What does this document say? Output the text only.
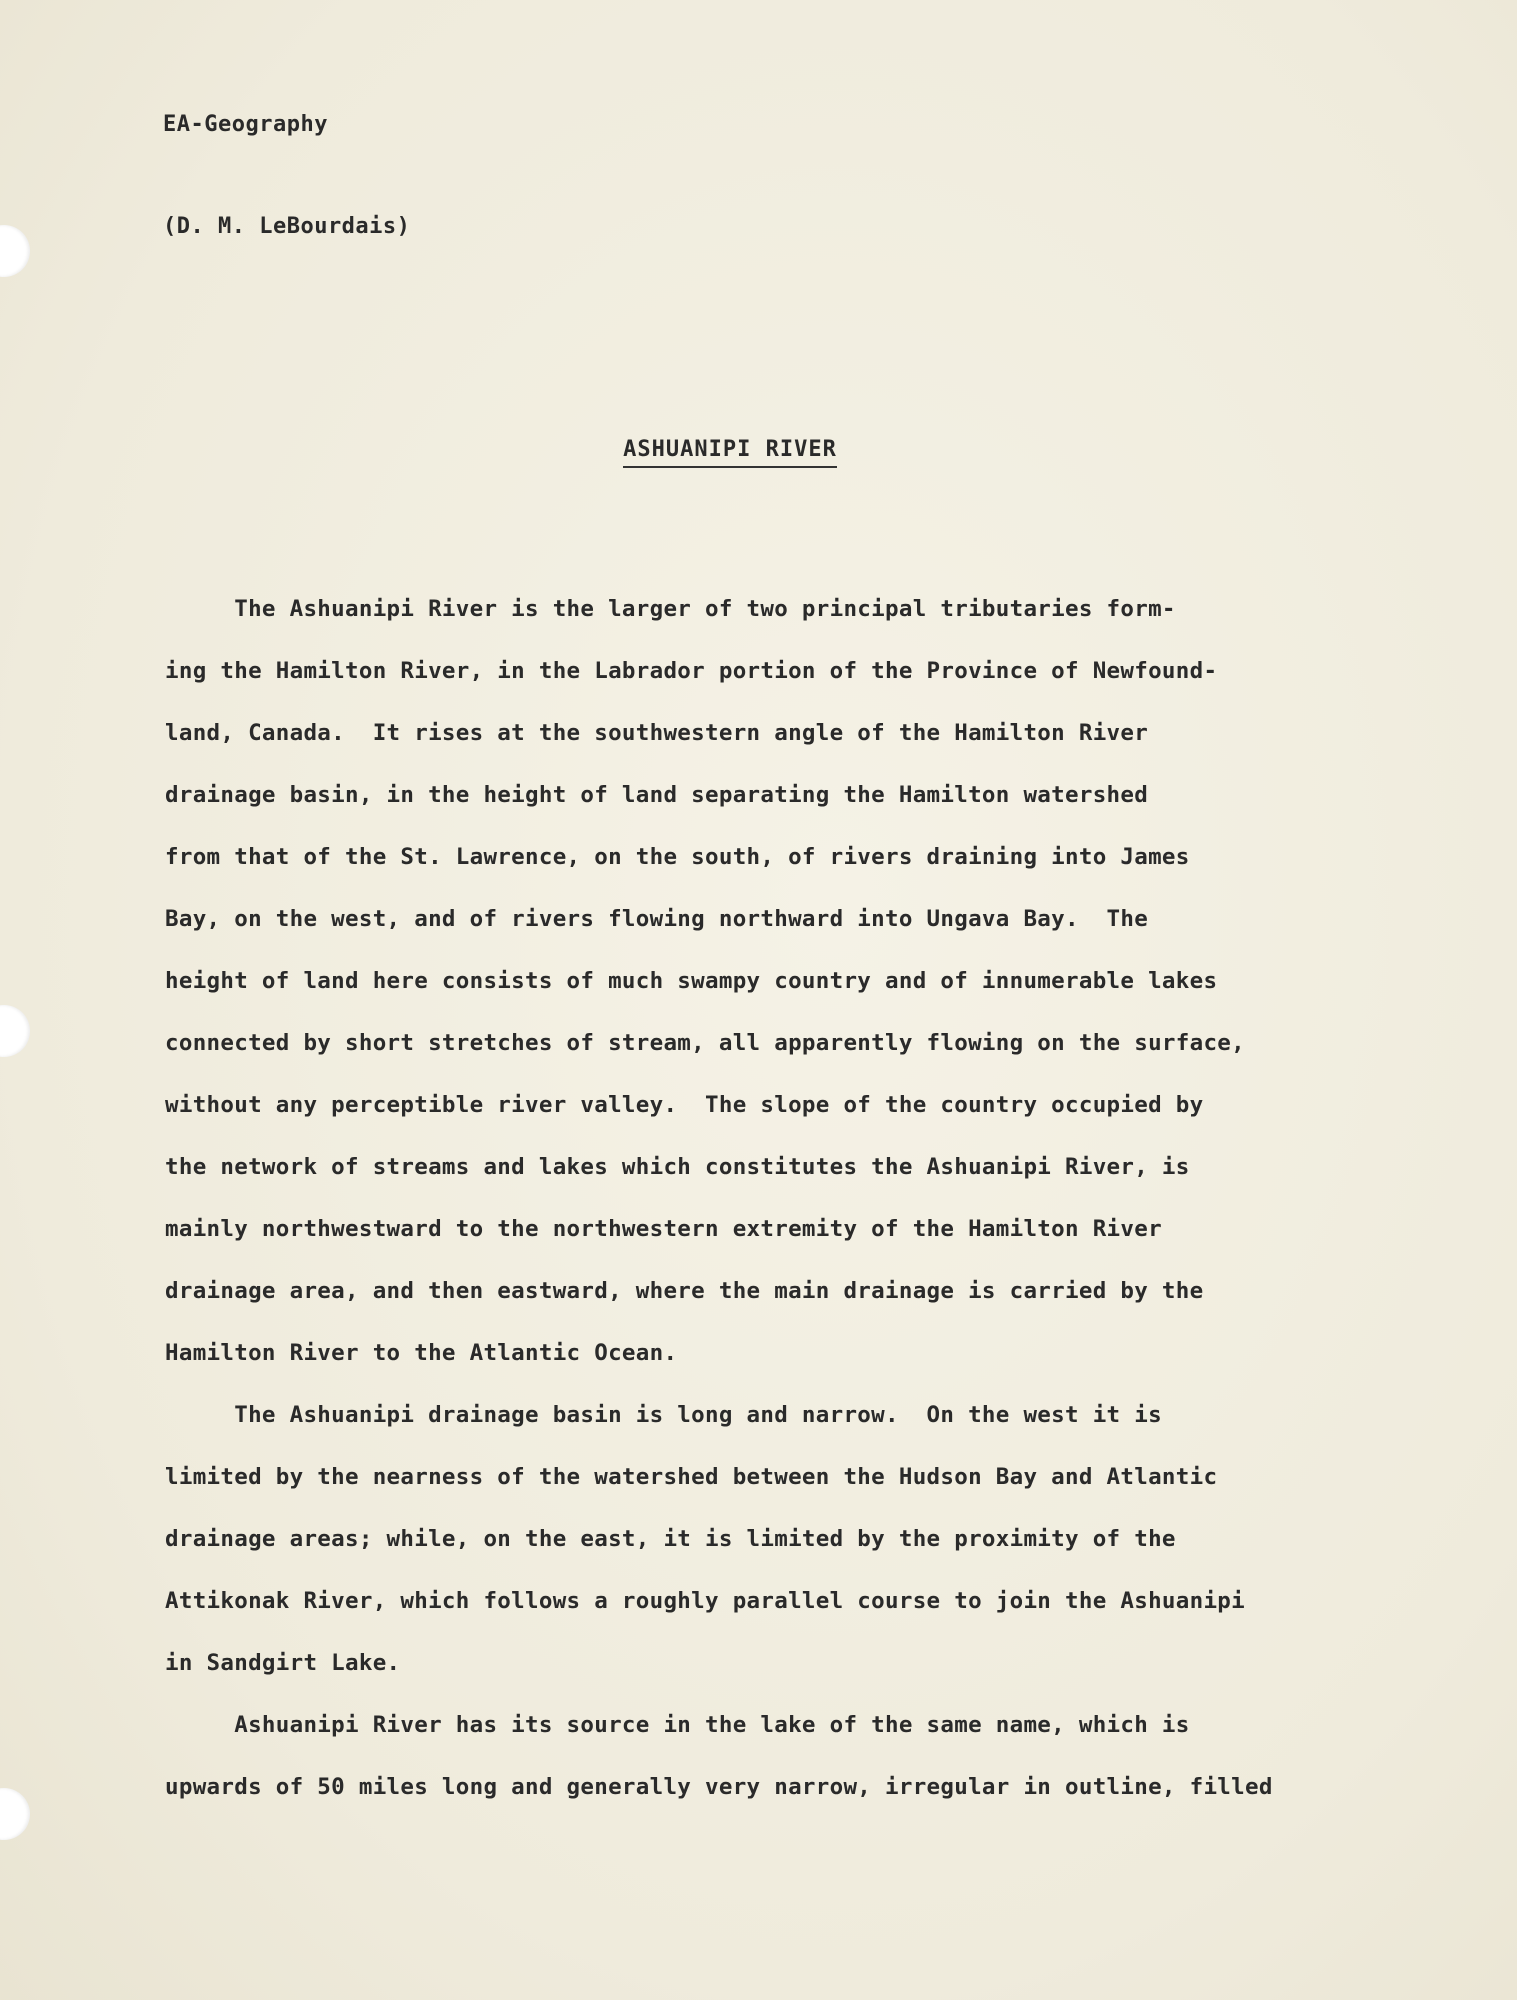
EA-Geography

(D. M. LeBourdais)

ASHUANIPI RIVER
The Ashuanipi River is the larger of two principal tributaries form-
ing the Hamilton River, in the Labrador portion of the Province of Newfound-
land, Canada.  It rises at the southwestern angle of the Hamilton River
drainage basin, in the height of land separating the Hamilton watershed
from that of the St. Lawrence, on the south, of rivers draining into James
Bay, on the west, and of rivers flowing northward into Ungava Bay.  The
height of land here consists of much swampy country and of innumerable lakes
connected by short stretches of stream, all apparently flowing on the surface,
without any perceptible river valley.  The slope of the country occupied by
the network of streams and lakes which constitutes the Ashuanipi River, is
mainly northwestward to the northwestern extremity of the Hamilton River
drainage area, and then eastward, where the main drainage is carried by the
Hamilton River to the Atlantic Ocean.
The Ashuanipi drainage basin is long and narrow.  On the west it is
limited by the nearness of the watershed between the Hudson Bay and Atlantic
drainage areas; while, on the east, it is limited by the proximity of the
Attikonak River, which follows a roughly parallel course to join the Ashuanipi
in Sandgirt Lake.
Ashuanipi River has its source in the lake of the same name, which is
upwards of 50 miles long and generally very narrow, irregular in outline, filled
